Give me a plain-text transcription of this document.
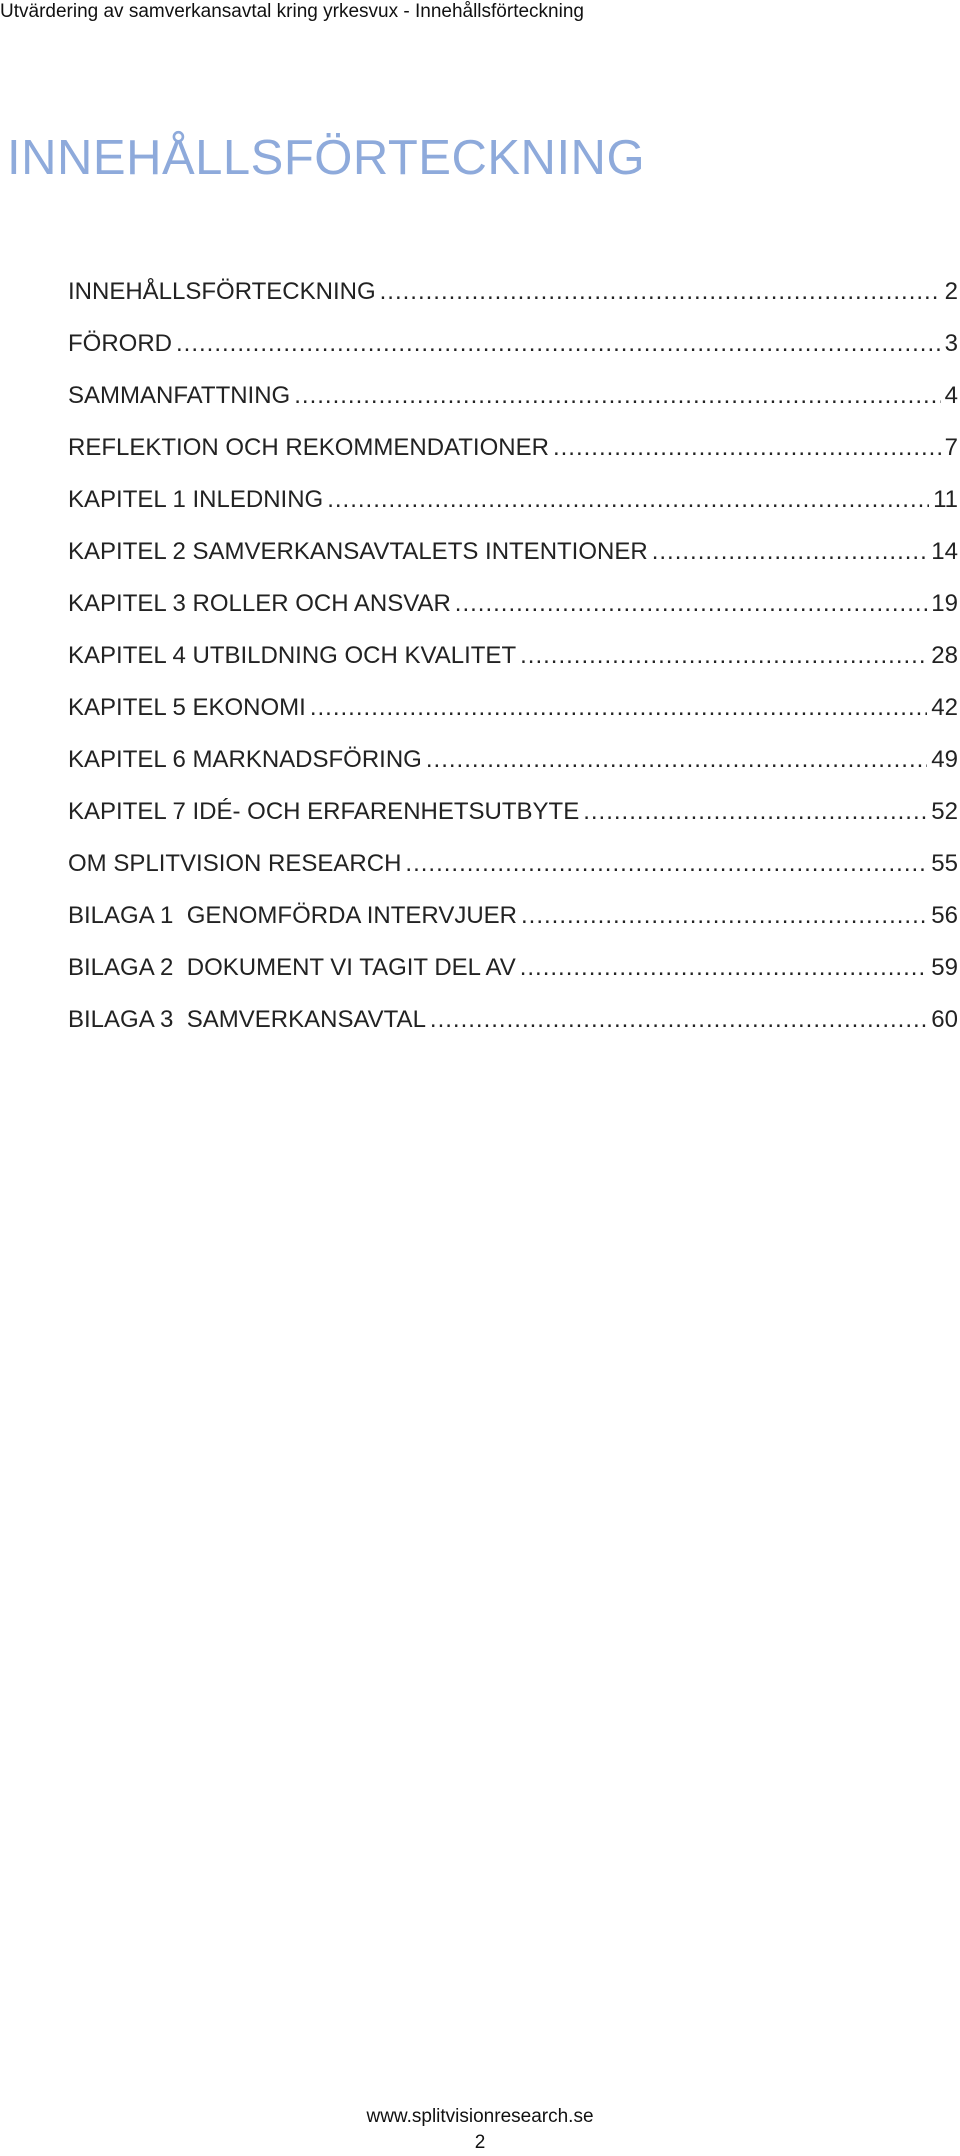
Utvärdering av samverkansavtal kring yrkesvux - Innehållsförteckning
INNEHÅLLSFÖRTECKNING
INNEHÅLLSFÖRTECKNING .....	2
FÖRORD .....	3
SAMMANFATTNING .....	4
REFLEKTION OCH REKOMMENDATIONER .....	7
KAPITEL 1 INLEDNING .....	11
KAPITEL 2 SAMVERKANSAVTALETS INTENTIONER .....	14
KAPITEL 3 ROLLER OCH ANSVAR .....	19
KAPITEL 4 UTBILDNING OCH KVALITET .....	28
KAPITEL 5 EKONOMI .....	42
KAPITEL 6 MARKNADSFÖRING .....	49
KAPITEL 7 IDÉ- OCH ERFARENHETSUTBYTE .....	52
OM SPLITVISION RESEARCH .....	55
BILAGA 1  GENOMFÖRDA INTERVJUER .....	56
BILAGA 2  DOKUMENT VI TAGIT DEL AV .....	59
BILAGA 3  SAMVERKANSAVTAL .....	60
www.splitvisionresearch.se
2
